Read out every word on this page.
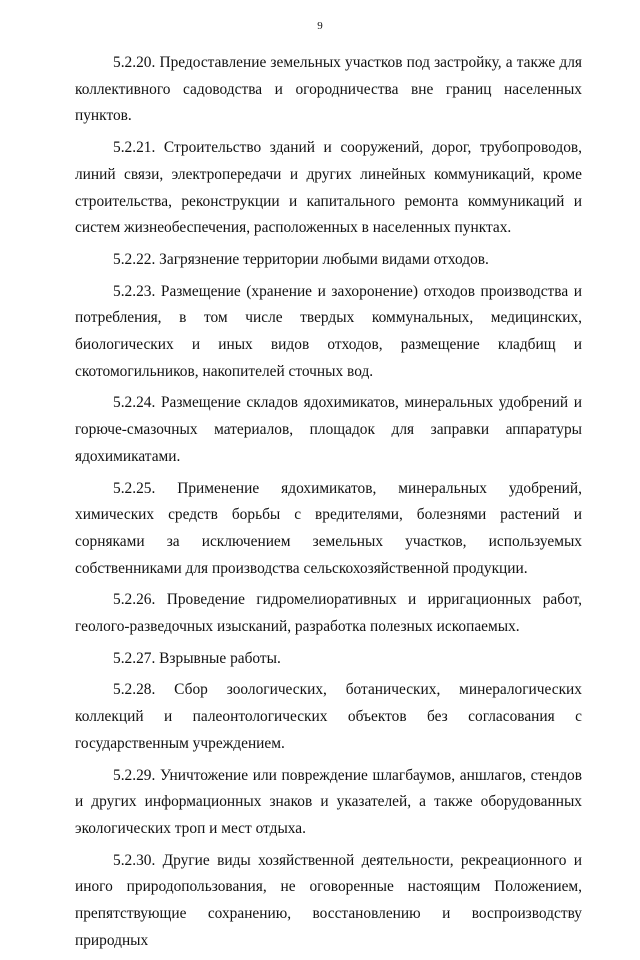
9

5.2.20. Предоставление земельных участков под застройку, а также для коллективного садоводства и огородничества вне границ населенных пунктов.

5.2.21. Строительство зданий и сооружений, дорог, трубопроводов, линий связи, электропередачи и других линейных коммуникаций, кроме строительства, реконструкции и капитального ремонта коммуникаций и систем жизнеобеспечения, расположенных в населенных пунктах.

5.2.22. Загрязнение территории любыми видами отходов.

5.2.23. Размещение (хранение и захоронение) отходов производства и потребления, в том числе твердых коммунальных, медицинских, биологических и иных видов отходов, размещение кладбищ и скотомогильников, накопителей сточных вод.

5.2.24. Размещение складов ядохимикатов, минеральных удобрений и горюче-смазочных материалов, площадок для заправки аппаратуры ядохимикатами.

5.2.25. Применение ядохимикатов, минеральных удобрений, химических средств борьбы с вредителями, болезнями растений и сорняками за исключением земельных участков, используемых собственниками для производства сельскохозяйственной продукции.

5.2.26. Проведение гидромелиоративных и ирригационных работ, геолого-разведочных изысканий, разработка полезных ископаемых.

5.2.27. Взрывные работы.

5.2.28. Сбор зоологических, ботанических, минералогических коллекций и палеонтологических объектов без согласования с государственным учреждением.

5.2.29. Уничтожение или повреждение шлагбаумов, аншлагов, стендов и других информационных знаков и указателей, а также оборудованных экологических троп и мест отдыха.

5.2.30. Другие виды хозяйственной деятельности, рекреационного и иного природопользования, не оговоренные настоящим Положением, препятствующие сохранению, восстановлению и воспроизводству природных
